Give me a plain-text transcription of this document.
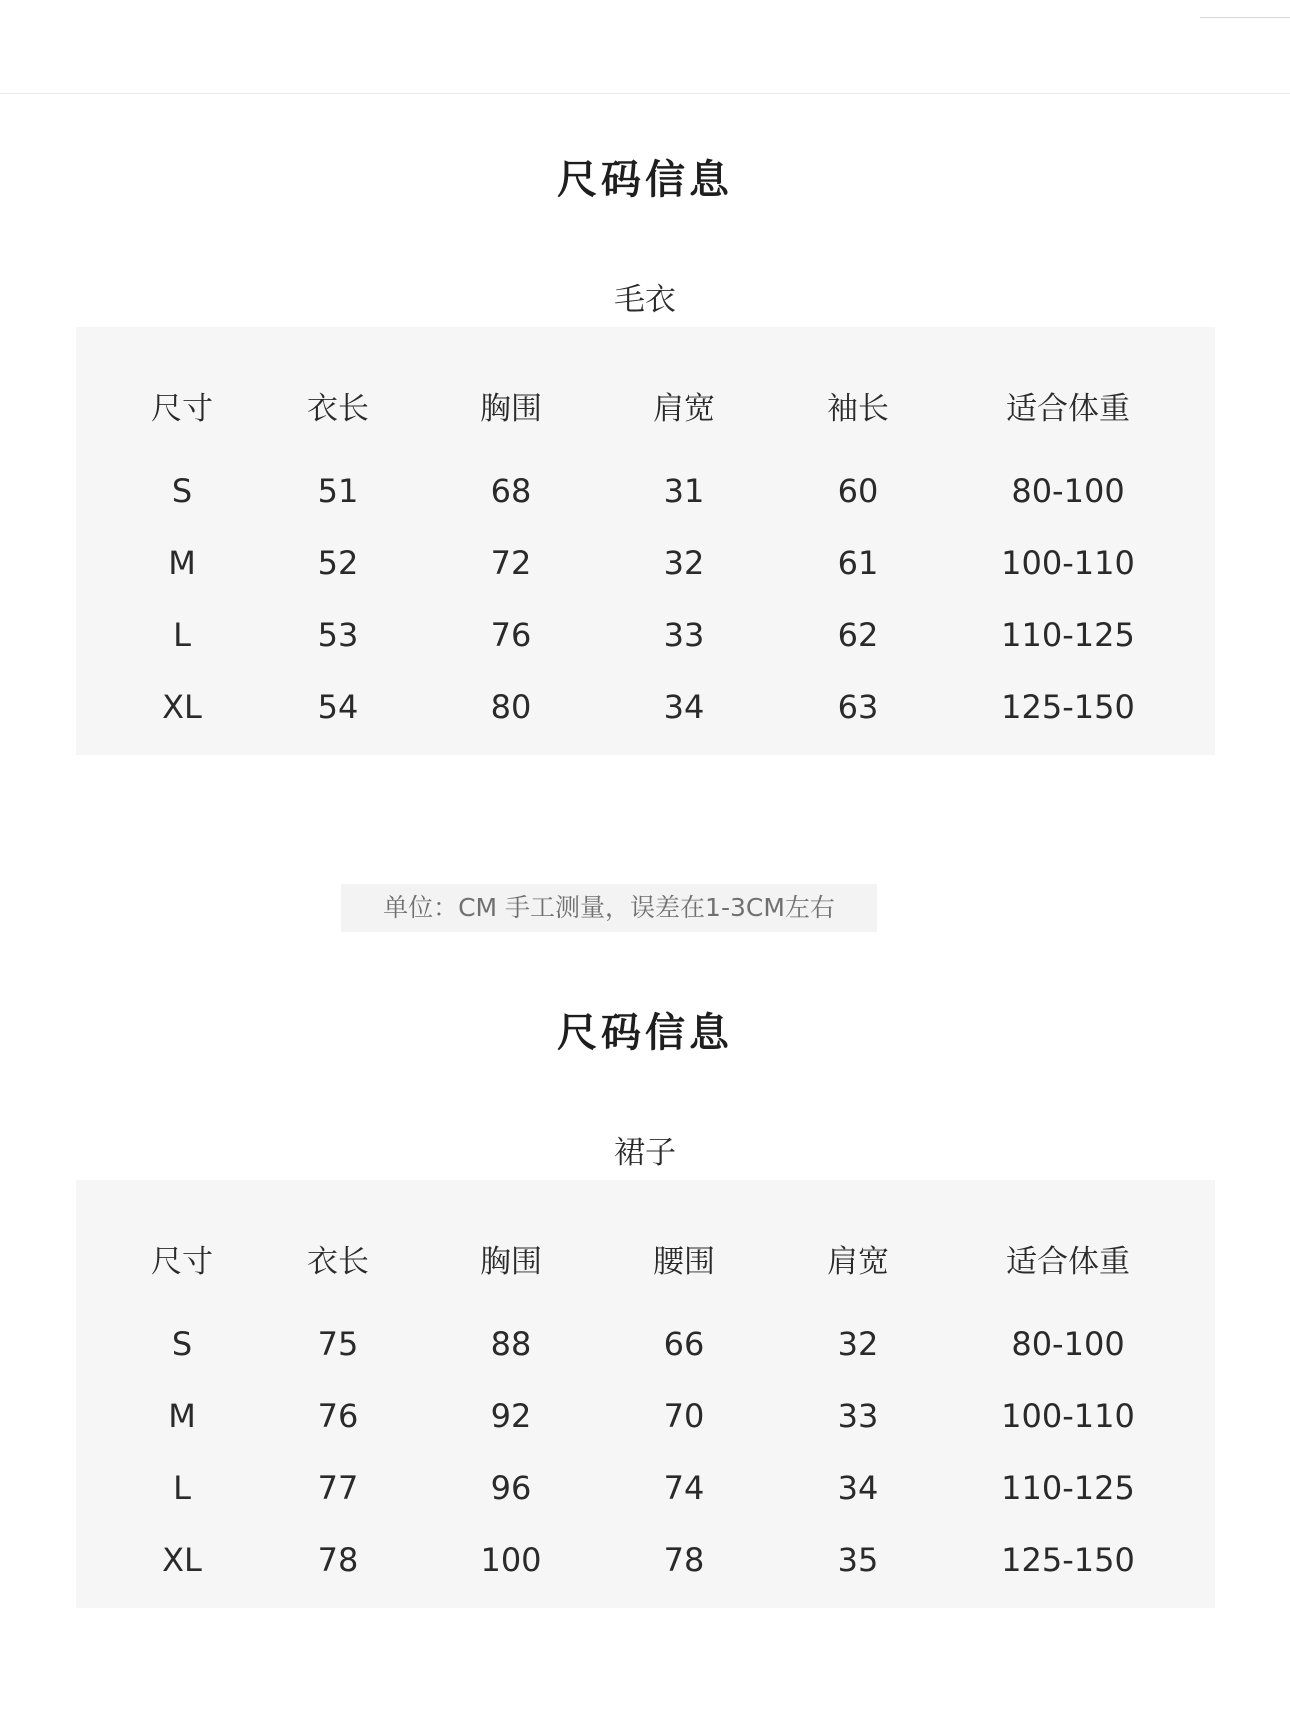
尺码信息
毛衣
尺寸	衣长	胸围	肩宽	袖长	适合体重
S	51	68	31	60	80-100
M	52	72	32	61	100-110
L	53	76	33	62	110-125
XL	54	80	34	63	125-150
单位：CM 手工测量，误差在1-3CM左右
尺码信息
裙子
尺寸	衣长	胸围	腰围	肩宽	适合体重
S	75	88	66	32	80-100
M	76	92	70	33	100-110
L	77	96	74	34	110-125
XL	78	100	78	35	125-150
